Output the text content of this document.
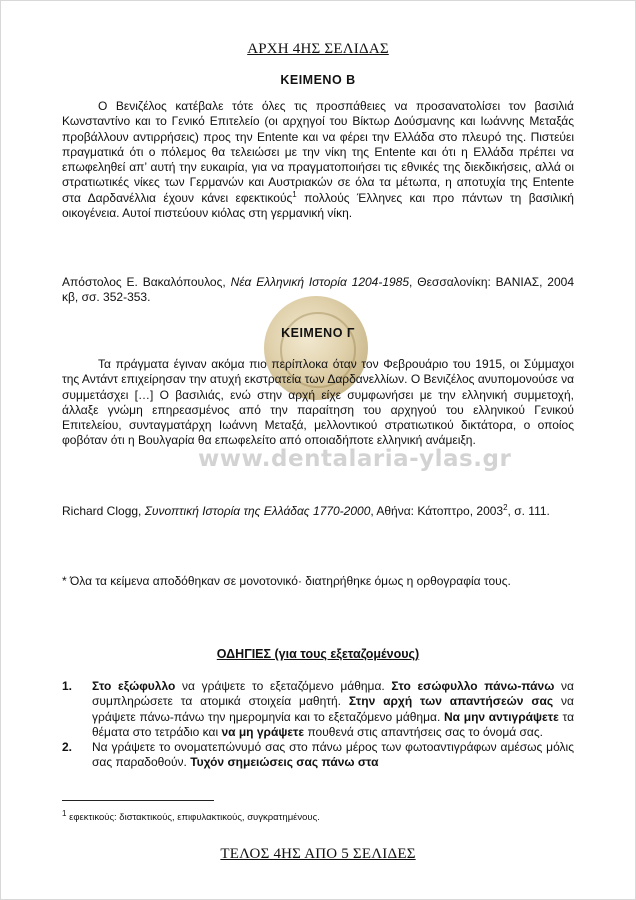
ΑΡΧΗ 4ΗΣ ΣΕΛΙΔΑΣ
ΚΕΙΜΕΝΟ Β
Ο Βενιζέλος κατέβαλε τότε όλες τις προσπάθειες να προσανατολίσει τον βασιλιά Κωνσταντίνο και το Γενικό Επιτελείο (οι αρχηγοί του Βίκτωρ Δούσμανης και Ιωάννης Μεταξάς προβάλλουν αντιρρήσεις) προς την Entente και να φέρει την Ελλάδα στο πλευρό της. Πιστεύει πραγματικά ότι ο πόλεμος θα τελειώσει με την νίκη της Entente και ότι η Ελλάδα πρέπει να επωφεληθεί απ’ αυτή την ευκαιρία, για να πραγματοποιήσει τις εθνικές της διεκδικήσεις, αλλά οι στρατιωτικές νίκες των Γερμανών και Αυστριακών σε όλα τα μέτωπα, η αποτυχία της Entente στα Δαρδανέλλια έχουν κάνει εφεκτικούς$^1$ πολλούς Έλληνες και προ πάντων τη βασιλική οικογένεια. Αυτοί πιστεύουν κιόλας στη γερμανική νίκη.
Απόστολος Ε. Βακαλόπουλος, Νέα Ελληνική Ιστορία 1204-1985, Θεσσαλονίκη: ΒΑΝΙΑΣ, 2004 κβ, σσ. 352-353.
ΚΕΙΜΕΝΟ Γ
Τα πράγματα έγιναν ακόμα πιο περίπλοκα όταν τον Φεβρουάριο του 1915, οι Σύμμαχοι της Αντάντ επιχείρησαν την ατυχή εκστρατεία των Δαρδανελλίων. Ο Βενιζέλος ανυπομονούσε να συμμετάσχει […] Ο βασιλιάς, ενώ στην αρχή είχε συμφωνήσει με την ελληνική συμμετοχή, άλλαξε γνώμη επηρεασμένος από την παραίτηση του αρχηγού του ελληνικού Γενικού Επιτελείου, συνταγματάρχη Ιωάννη Μεταξά, μελλοντικού στρατιωτικού δικτάτορα, ο οποίος φοβόταν ότι η Βουλγαρία θα επωφελείτο από οποιαδήποτε ελληνική ανάμειξη.
www.dentalaria-ylas.gr
Richard Clogg, Συνοπτική Ιστορία της Ελλάδας 1770-2000, Αθήνα: Κάτοπτρο, 2003$^2$, σ. 111.
* Όλα τα κείμενα αποδόθηκαν σε μονοτονικό· διατηρήθηκε όμως η ορθογραφία τους.
ΟΔΗΓΙΕΣ (για τους εξεταζομένους)
1. Στο εξώφυλλο να γράψετε το εξεταζόμενο μάθημα. Στο εσώφυλλο πάνω-πάνω να συμπληρώσετε τα ατομικά στοιχεία μαθητή. Στην αρχή των απαντήσεών σας να γράψετε πάνω-πάνω την ημερομηνία και το εξεταζόμενο μάθημα. Να μην αντιγράψετε τα θέματα στο τετράδιο και να μη γράψετε πουθενά στις απαντήσεις σας το όνομά σας.
2. Να γράψετε το ονοματεπώνυμό σας στο πάνω μέρος των φωτοαντιγράφων αμέσως μόλις σας παραδοθούν. Τυχόν σημειώσεις σας πάνω στα
$^1$ εφεκτικούς: διστακτικούς, επιφυλακτικούς, συγκρατημένους.
ΤΕΛΟΣ 4ΗΣ ΑΠΟ 5 ΣΕΛΙΔΕΣ
